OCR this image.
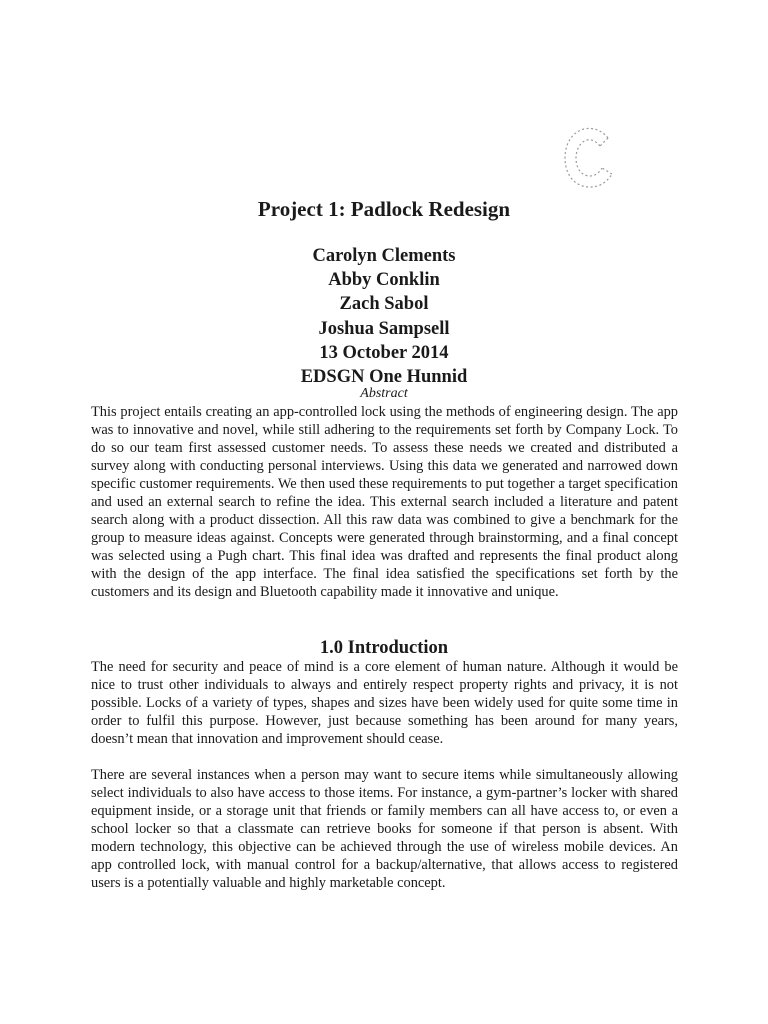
Project 1: Padlock Redesign
Carolyn Clements
Abby Conklin
Zach Sabol
Joshua Sampsell
13 October 2014
EDSGN One Hunnid
Abstract

This project entails creating an app-controlled lock using the methods of engineering design. The app was to innovative and novel, while still adhering to the requirements set forth by Company Lock. To do so our team first assessed customer needs. To assess these needs we created and distributed a survey along with conducting personal interviews. Using this data we generated and narrowed down specific customer requirements. We then used these requirements to put together a target specification and used an external search to refine the idea. This external search included a literature and patent search along with a product dissection. All this raw data was combined to give a benchmark for the group to measure ideas against. Concepts were generated through brainstorming, and a final concept was selected using a Pugh chart. This final idea was drafted and represents the final product along with the design of the app interface. The final idea satisfied the specifications set forth by the customers and its design and Bluetooth capability made it innovative and unique.

1.0 Introduction

The need for security and peace of mind is a core element of human nature. Although it would be nice to trust other individuals to always and entirely respect property rights and privacy, it is not possible. Locks of a variety of types, shapes and sizes have been widely used for quite some time in order to fulfil this purpose. However, just because something has been around for many years, doesn’t mean that innovation and improvement should cease.

There are several instances when a person may want to secure items while simultaneously allowing select individuals to also have access to those items. For instance, a gym-partner’s locker with shared equipment inside, or a storage unit that friends or family members can all have access to, or even a school locker so that a classmate can retrieve books for someone if that person is absent. With modern technology, this objective can be achieved through the use of wireless mobile devices. An app controlled lock, with manual control for a backup/alternative, that allows access to registered users is a potentially valuable and highly marketable concept.
